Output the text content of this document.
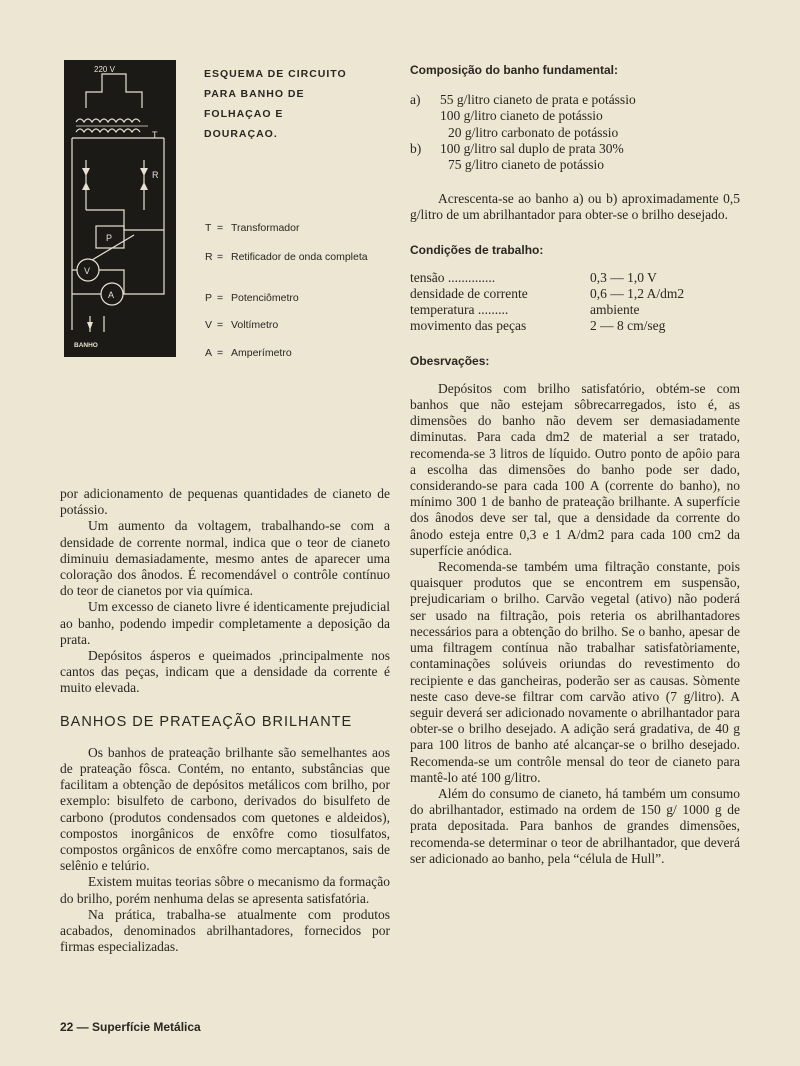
220 V
T
R
P
V
A
BANHO
ESQUEMA DE CIRCUITO
PARA BANHO DE
FOLHAÇAO E
DOURAÇAO.
T = Transformador
R = Retificador de onda completa
P = Potenciômetro
V = Voltímetro
A = Amperímetro

por adicionamento de pequenas quantidades de cianeto de potássio.

Um aumento da voltagem, trabalhando-se com a densidade de corrente normal, indica que o teor de cianeto diminuiu demasiadamente, mesmo antes de aparecer uma coloração dos ânodos. É recomendável o contrôle contínuo do teor de cianetos por via química.

Um excesso de cianeto livre é identicamente prejudicial ao banho, podendo impedir completamente a deposição da prata.

Depósitos ásperos e queimados ,principalmente nos cantos das peças, indicam que a densidade da corrente é muito elevada.

BANHOS DE PRATEAÇÃO BRILHANTE

Os banhos de prateação brilhante são semelhantes aos de prateação fôsca. Contém, no entanto, substâncias que facilitam a obtenção de depósitos metálicos com brilho, por exemplo: bisulfeto de carbono, derivados do bisulfeto de carbono (produtos condensados com quetones e aldeidos), compostos inorgânicos de enxôfre como tiosulfatos, compostos orgânicos de enxôfre como mercaptanos, sais de selênio e telúrio.

Existem muitas teorias sôbre o mecanismo da formação do brilho, porém nenhuma delas se apresenta satisfatória.

Na prática, trabalha-se atualmente com produtos acabados, denominados abrilhantadores, fornecidos por firmas especializadas.

Composição do banho fundamental:

a)	55 g/litro cianeto de prata e potássio
100 g/litro cianeto de potássio
20 g/litro carbonato de potássio
b)	100 g/litro sal duplo de prata 30%
75 g/litro cianeto de potássio

Acrescenta-se ao banho a) ou b) aproximadamente 0,5 g/litro de um abrilhantador para obter-se o brilho desejado.

Condições de trabalho:

tensão ..............	0,3 — 1,0 V
densidade de corrente	0,6 — 1,2 A/dm2
temperatura .........	ambiente
movimento das peças	2 — 8 cm/seg

Obesrvações:

Depósitos com brilho satisfatório, obtém-se com banhos que não estejam sôbrecarregados, isto é, as dimensões do banho não devem ser demasiadamente diminutas. Para cada dm2 de material a ser tratado, recomenda-se 3 litros de líquido. Outro ponto de apôio para a escolha das dimensões do banho pode ser dado, considerando-se para cada 100 A (corrente do banho), no mínimo 300 1 de banho de prateação brilhante. A superfície dos ânodos deve ser tal, que a densidade da corrente do ânodo esteja entre 0,3 e 1 A/dm2 para cada 100 cm2 da superfície anódica.

Recomenda-se também uma filtração constante, pois quaisquer produtos que se encontrem em suspensão, prejudicariam o brilho. Carvão vegetal (ativo) não poderá ser usado na filtração, pois reteria os abrilhantadores necessários para a obtenção do brilho. Se o banho, apesar de uma filtragem contínua não trabalhar satisfatòriamente, contaminações solúveis oriundas do revestimento do recipiente e das gancheiras, poderão ser as causas. Sòmente neste caso deve-se filtrar com carvão ativo (7 g/litro). A seguir deverá ser adicionado novamente o abrilhantador para obter-se o brilho desejado. A adição será gradativa, de 40 g para 100 litros de banho até alcançar-se o brilho desejado. Recomenda-se um contrôle mensal do teor de cianeto para mantê-lo até 100 g/litro.

Além do consumo de cianeto, há também um consumo do abrilhantador, estimado na ordem de 150 g/ 1000 g de prata depositada. Para banhos de grandes dimensões, recomenda-se determinar o teor de abrilhantador, que deverá ser adicionado ao banho, pela “célula de Hull”.

22 — Superfície Metálica
